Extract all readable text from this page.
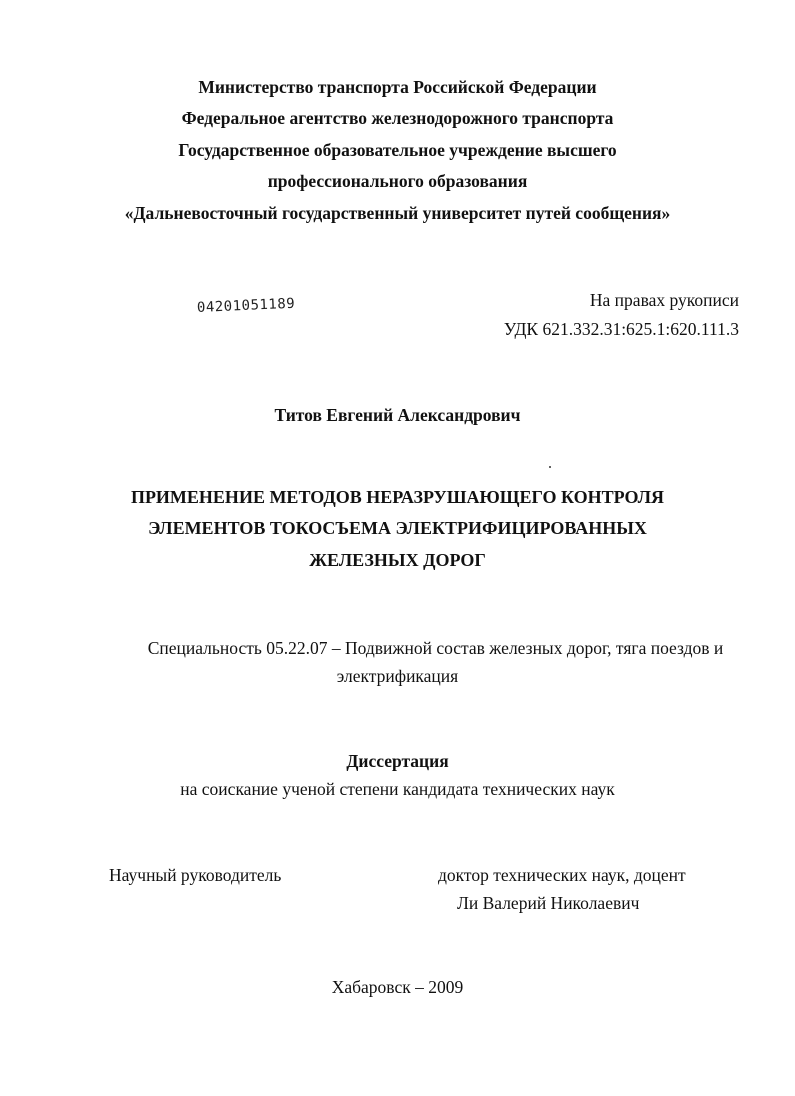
Министерство транспорта Российской Федерации
Федеральное агентство железнодорожного транспорта
Государственное образовательное учреждение высшего
профессионального образования
«Дальневосточный государственный университет путей сообщения»
04201051189	На правах рукописи
УДК 621.332.31:625.1:620.111.3
Титов Евгений Александрович
ПРИМЕНЕНИЕ МЕТОДОВ НЕРАЗРУШАЮЩЕГО КОНТРОЛЯ
ЭЛЕМЕНТОВ ТОКОСЪЕМА ЭЛЕКТРИФИЦИРОВАННЫХ
ЖЕЛЕЗНЫХ ДОРОГ
Специальность 05.22.07 – Подвижной состав железных дорог, тяга поездов и
электрификация
Диссертация
на соискание ученой степени кандидата технических наук
Научный руководитель	доктор технических наук, доцент
Ли Валерий Николаевич
Хабаровск – 2009
